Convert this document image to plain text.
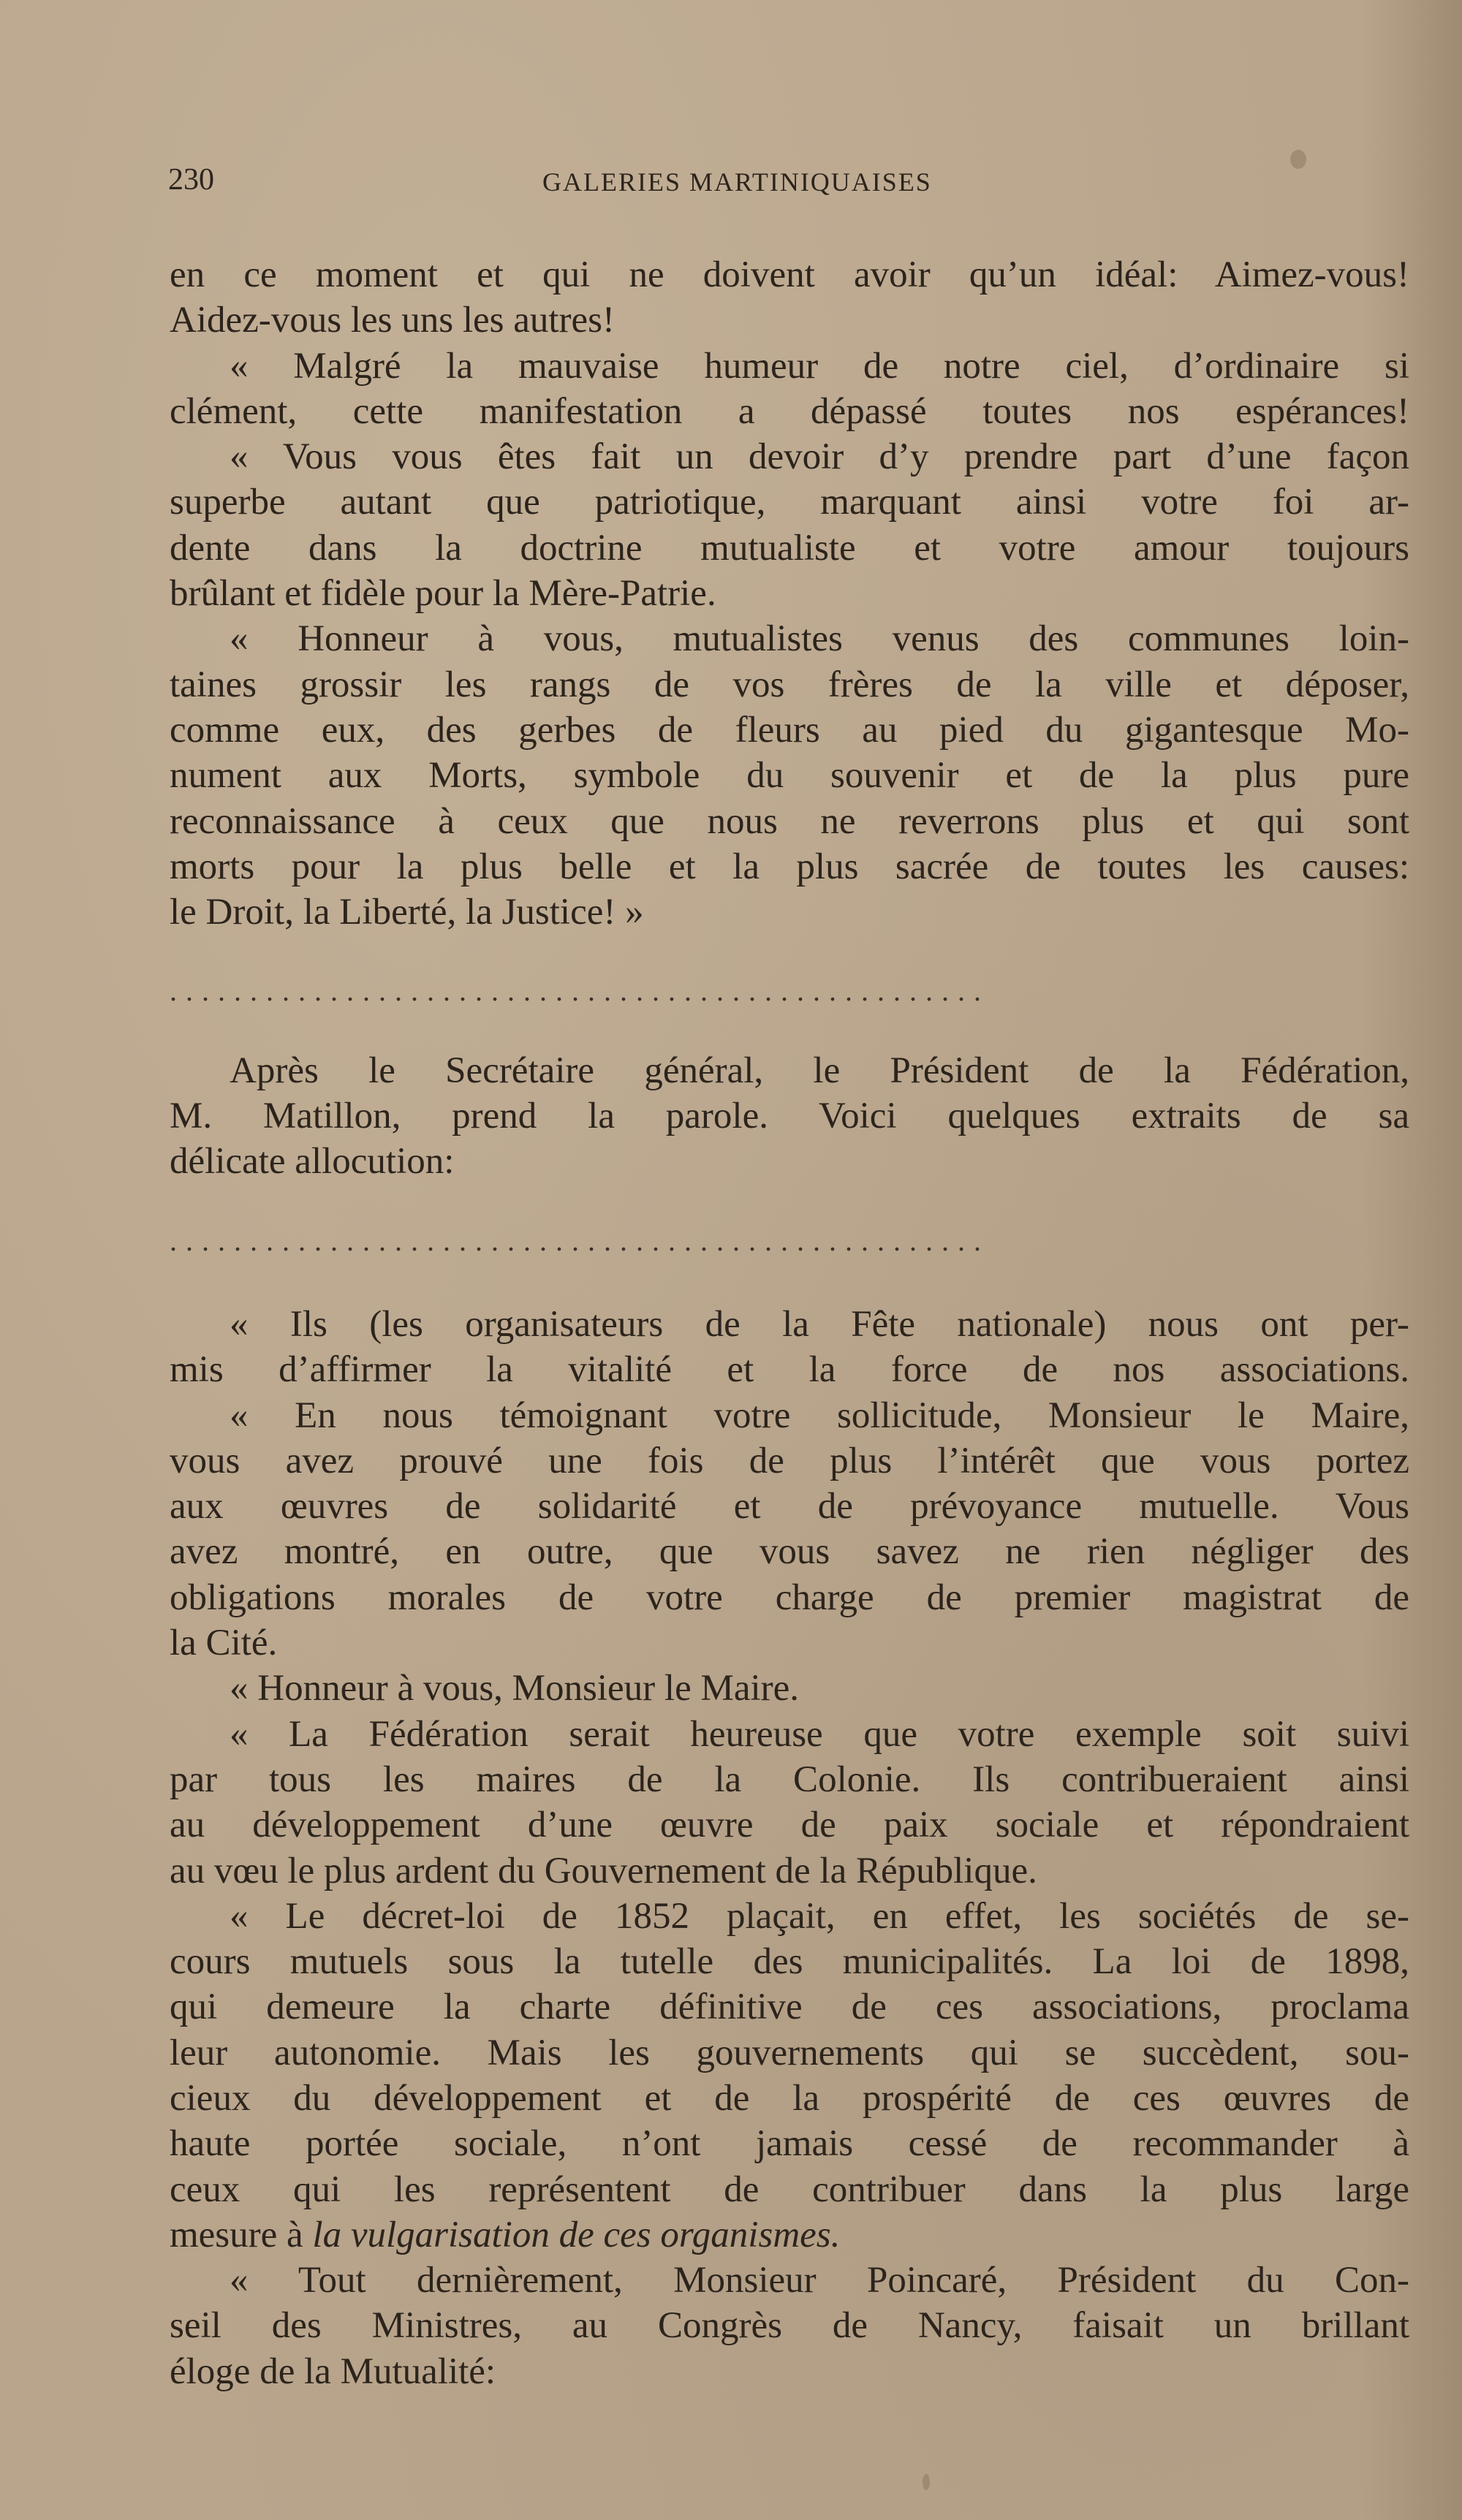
230	GALERIES MARTINIQUAISES
en ce moment et qui ne doivent avoir qu’un idéal: Aimez-vous!
Aidez-vous les uns les autres!
« Malgré la mauvaise humeur de notre ciel, d’ordinaire si
clément, cette manifestation a dépassé toutes nos espérances!
« Vous vous êtes fait un devoir d’y prendre part d’une façon
superbe autant que patriotique, marquant ainsi votre foi ar-
dente dans la doctrine mutualiste et votre amour toujours
brûlant et fidèle pour la Mère-Patrie.
« Honneur à vous, mutualistes venus des communes loin-
taines grossir les rangs de vos frères de la ville et déposer,
comme eux, des gerbes de fleurs au pied du gigantesque Mo-
nument aux Morts, symbole du souvenir et de la plus pure
reconnaissance à ceux que nous ne reverrons plus et qui sont
morts pour la plus belle et la plus sacrée de toutes les causes:
le Droit, la Liberté, la Justice! »
...................................................
Après le Secrétaire général, le Président de la Fédération,
M. Matillon, prend la parole. Voici quelques extraits de sa
délicate allocution:
...................................................
« Ils (les organisateurs de la Fête nationale) nous ont per-
mis d’affirmer la vitalité et la force de nos associations.
« En nous témoignant votre sollicitude, Monsieur le Maire,
vous avez prouvé une fois de plus l’intérêt que vous portez
aux œuvres de solidarité et de prévoyance mutuelle. Vous
avez montré, en outre, que vous savez ne rien négliger des
obligations morales de votre charge de premier magistrat de
la Cité.
« Honneur à vous, Monsieur le Maire.
« La Fédération serait heureuse que votre exemple soit suivi
par tous les maires de la Colonie. Ils contribueraient ainsi
au développement d’une œuvre de paix sociale et répondraient
au vœu le plus ardent du Gouvernement de la République.
« Le décret-loi de 1852 plaçait, en effet, les sociétés de se-
cours mutuels sous la tutelle des municipalités. La loi de 1898,
qui demeure la charte définitive de ces associations, proclama
leur autonomie. Mais les gouvernements qui se succèdent, sou-
cieux du développement et de la prospérité de ces œuvres de
haute portée sociale, n’ont jamais cessé de recommander à
ceux qui les représentent de contribuer dans la plus large
mesure à la vulgarisation de ces organismes.
« Tout dernièrement, Monsieur Poincaré, Président du Con-
seil des Ministres, au Congrès de Nancy, faisait un brillant
éloge de la Mutualité:
